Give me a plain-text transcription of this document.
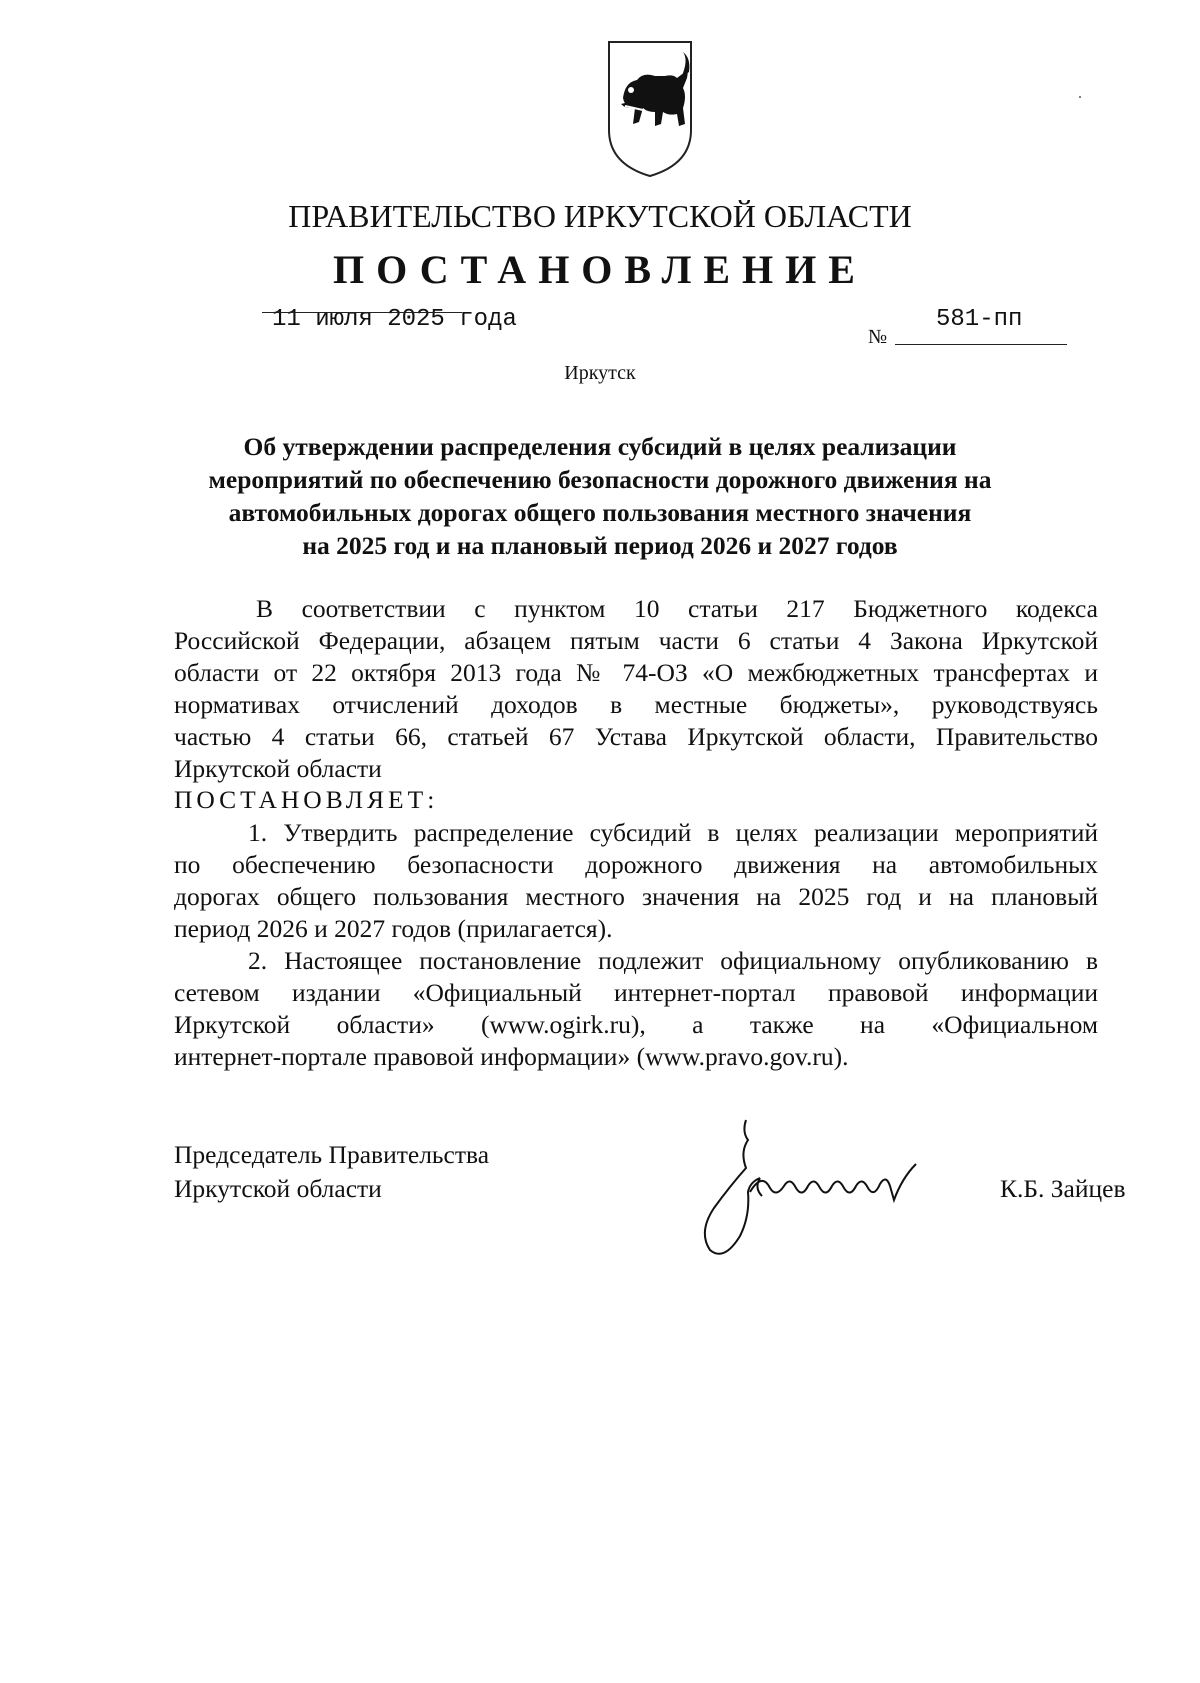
ПРАВИТЕЛЬСТВО ИРКУТСКОЙ ОБЛАСТИ
ПОСТАНОВЛЕНИЕ
11 июля 2025 года
№
581-пп
Иркутск
Об утверждении распределения субсидий в целях реализации
мероприятий по обеспечению безопасности дорожного движения на
автомобильных дорогах общего пользования местного значения
на 2025 год и на плановый период 2026 и 2027 годов
В соответствии с пунктом 10 статьи 217 Бюджетного кодекса
Российской Федерации, абзацем пятым части 6 статьи 4 Закона Иркутской
области от 22 октября 2013 года № 74-ОЗ «О межбюджетных трансфертах и
нормативах отчислений доходов в местные бюджеты», руководствуясь
частью 4 статьи 66, статьей 67 Устава Иркутской области, Правительство
Иркутской области
ПОСТАНОВЛЯЕТ:
1. Утвердить распределение субсидий в целях реализации мероприятий
по обеспечению безопасности дорожного движения на автомобильных
дорогах общего пользования местного значения на 2025 год и на плановый
период 2026 и 2027 годов (прилагается).
2. Настоящее постановление подлежит официальному опубликованию в
сетевом издании «Официальный интернет-портал правовой информации
Иркутской области» (www.ogirk.ru), а также на «Официальном
интернет-портале правовой информации» (www.pravo.gov.ru).
Председатель Правительства
Иркутской области	К.Б. Зайцев
